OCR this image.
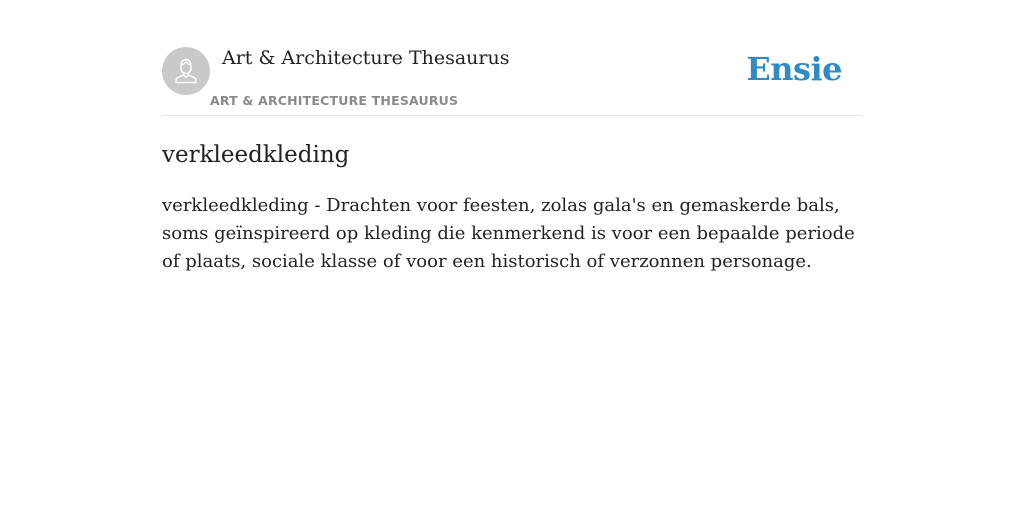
Art & Architecture Thesaurus
ART & ARCHITECTURE THESAURUS
Ensie
verkleedkleding

verkleedkleding - Drachten voor feesten, zolas gala's en gemaskerde bals, soms geïnspireerd op kleding die kenmerkend is voor een bepaalde periode of plaats, sociale klasse of voor een historisch of verzonnen personage.
